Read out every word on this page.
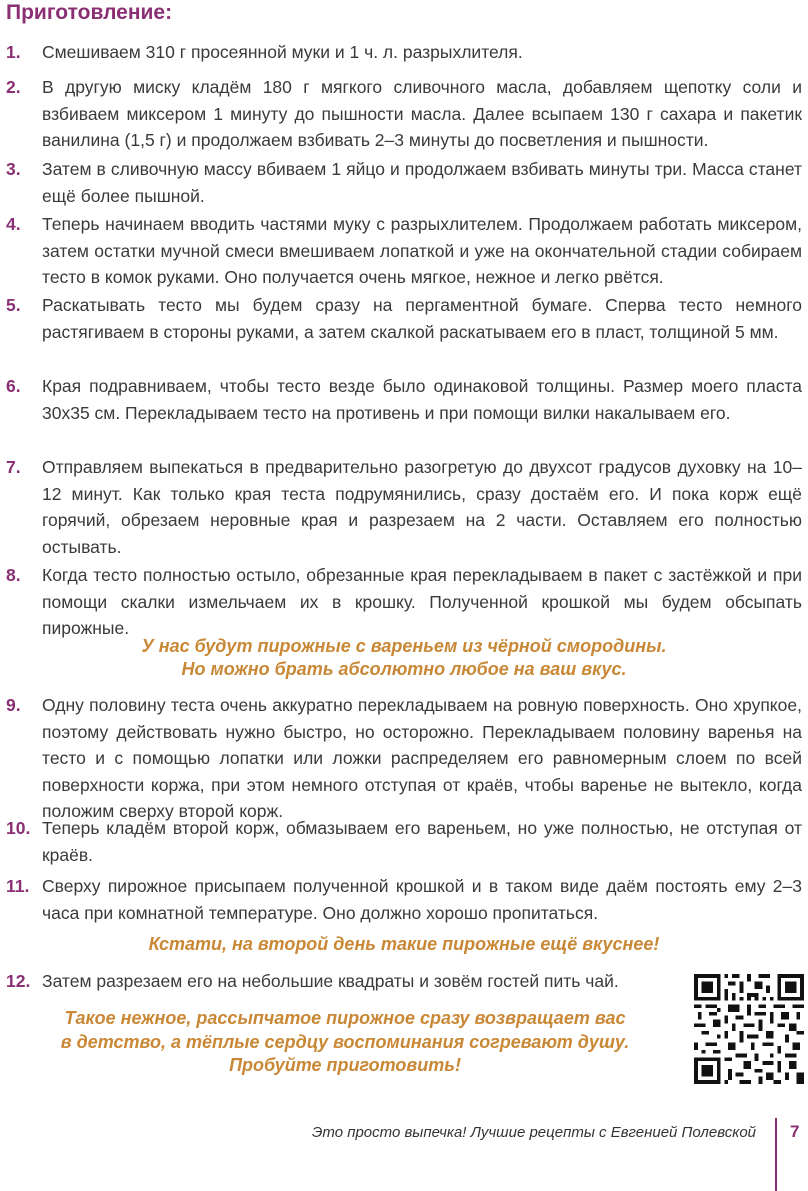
Приготовление:
1.	Смешиваем 310 г просеянной муки и 1 ч. л. разрыхлителя.
2.	В другую миску кладём 180 г мягкого сливочного масла, добавляем щепотку соли и взбиваем миксером 1 минуту до пышности масла. Далее всыпаем 130 г сахара и пакетик ванилина (1,5 г) и продолжаем взбивать 2–3 минуты до посветления и пышности.
3.	Затем в сливочную массу вбиваем 1 яйцо и продолжаем взбивать минуты три. Масса станет ещё более пышной.
4.	Теперь начинаем вводить частями муку с разрыхлителем. Продолжаем работать миксером, затем остатки мучной смеси вмешиваем лопаткой и уже на окончательной стадии собираем тесто в комок руками. Оно получается очень мягкое, нежное и легко рвётся.
5.	Раскатывать тесто мы будем сразу на пергаментной бумаге. Сперва тесто немного растягиваем в стороны руками, а затем скалкой раскатываем его в пласт, толщиной 5 мм.
6.	Края подравниваем, чтобы тесто везде было одинаковой толщины. Размер моего пласта 30x35 см. Перекладываем тесто на противень и при помощи вилки накалываем его.
7.	Отправляем выпекаться в предварительно разогретую до двухсот градусов духовку на 10–12 минут. Как только края теста подрумянились, сразу достаём его. И пока корж ещё горячий, обрезаем неровные края и разрезаем на 2 части. Оставляем его полностью остывать.
8.	Когда тесто полностью остыло, обрезанные края перекладываем в пакет с застёжкой и при помощи скалки измельчаем их в крошку. Полученной крошкой мы будем обсыпать пирожные.

У нас будут пирожные с вареньем из чёрной смородины.

Но можно брать абсолютно любое на ваш вкус.

9.	Одну половину теста очень аккуратно перекладываем на ровную поверхность. Оно хрупкое, поэтому действовать нужно быстро, но осторожно. Перекладываем половину варенья на тесто и с помощью лопатки или ложки распределяем его равномерным слоем по всей поверхности коржа, при этом немного отступая от краёв, чтобы варенье не вытекло, когда положим сверху второй корж.
10. Теперь кладём второй корж, обмазываем его вареньем, но уже полностью, не отступая от краёв.
11. Сверху пирожное присыпаем полученной крошкой и в таком виде даём постоять ему 2–3 часа при комнатной температуре. Оно должно хорошо пропитаться.

Кстати, на второй день такие пирожные ещё вкуснее!

12. Затем разрезаем его на небольшие квадраты и зовём гостей пить чай.

Такое нежное, рассыпчатое пирожное сразу возвращает вас

в детство, а тёплые сердцу воспоминания согревают душу.

Пробуйте приготовить!

Это просто выпечка! Лучшие рецепты с Евгенией Полевской 7
